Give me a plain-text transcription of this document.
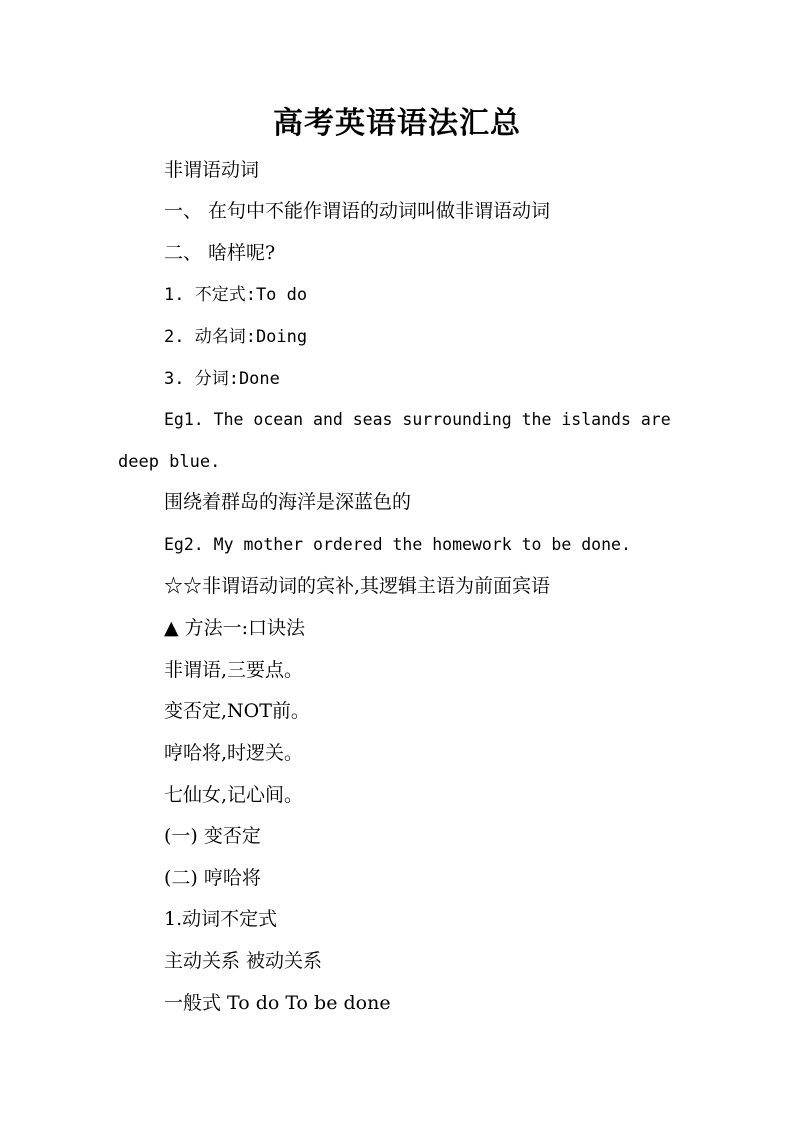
高考英语语法汇总
非谓语动词
一、 在句中不能作谓语的动词叫做非谓语动词
二、 啥样呢?
1. 不定式:To do
2. 动名词:Doing
3. 分词:Done
Eg1. The ocean and seas surrounding the islands are
deep blue.
围绕着群岛的海洋是深蓝色的
Eg2. My mother ordered the homework to be done.
☆☆非谓语动词的宾补,其逻辑主语为前面宾语
▲ 方法一:口诀法
非谓语,三要点。
变否定,NOT前。
哼哈将,时逻关。
七仙女,记心间。
(一) 变否定
(二) 哼哈将
1.动词不定式
主动关系 被动关系
一般式 To do To be done
